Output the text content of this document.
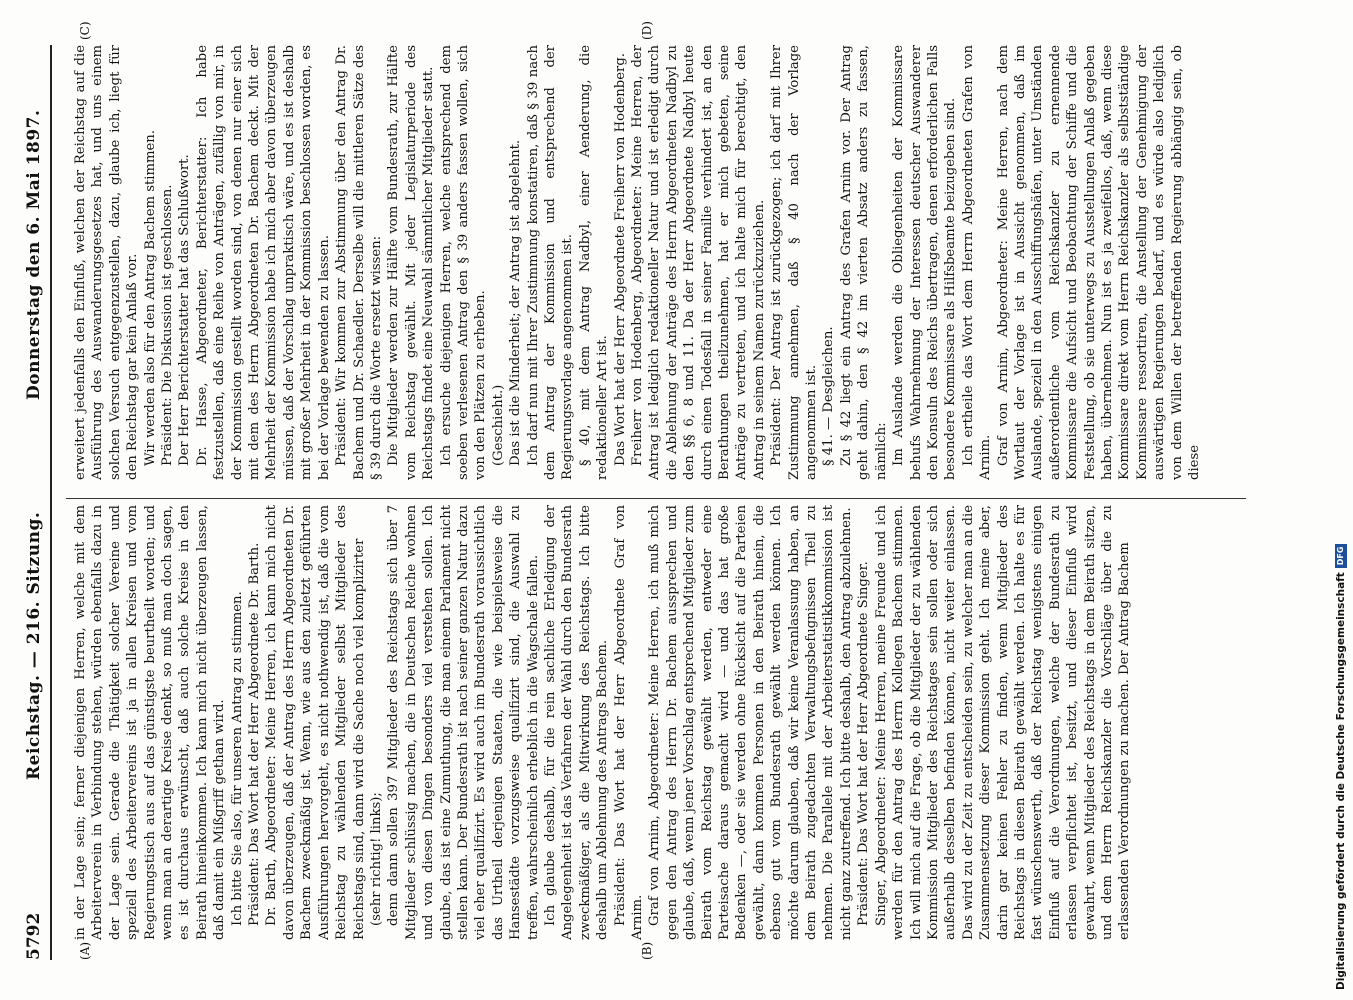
5792
Reichstag. — 216. Sitzung.
Donnerstag den 6. Mai 1897.
(A)	(B)
(C)	(D)

in der Lage sein; ferner diejenigen Herren, welche mit dem Arbeiterverein in Verbindung stehen, würden ebenfalls dazu in der Lage sein. Gerade die Thätigkeit solcher Vereine und speziell des Arbeitervereins ist ja in allen Kreisen und vom Regierungstisch aus auf das günstigste beurtheilt worden; und wenn man an derartige Kreise denkt, so muß man doch sagen, es ist durchaus erwünscht, daß auch solche Kreise in den Beirath hineinkommen. Ich kann mich nicht überzeugen lassen, daß damit ein Mißgriff gethan wird. Ich bitte Sie also, für unseren Antrag zu stimmen. Präsident: Das Wort hat der Herr Abgeordnete Dr. Barth. Dr. Barth, Abgeordneter: Meine Herren, ich kann mich nicht davon überzeugen, daß der Antrag des Herrn Abgeordneten Dr. Bachem zweckmäßig ist. Wenn, wie aus den zuletzt geführten Ausführungen hervorgeht, es nicht nothwendig ist, daß die vom Reichstag zu wählenden Mitglieder selbst Mitglieder des Reichstags sind, dann wird die Sache noch viel komplizirter (sehr richtig! links); denn dann sollen 397 Mitglieder des Reichstags sich über 7 Mitglieder schlüssig machen, die in Deutschen Reiche wohnen und von diesen Dingen besonders viel verstehen sollen. Ich glaube, das ist eine Zumuthung, die man einem Parlament nicht stellen kann. Der Bundesrath ist nach seiner ganzen Natur dazu viel eher qualifizirt. Es wird auch im Bundesrath voraussichtlich das Urtheil derjenigen Staaten, die wie beispielsweise die Hansestädte vorzugsweise qualifizirt sind, die Auswahl zu treffen, wahrscheinlich erheblich in die Wagschale fallen. Ich glaube deshalb, für die rein sachliche Erledigung der Angelegenheit ist das Verfahren der Wahl durch den Bundesrath zweckmäßiger, als die Mitwirkung des Reichstags. Ich bitte deshalb um Ablehnung des Antrags Bachem. Präsident: Das Wort hat der Herr Abgeordnete Graf von Arnim. Graf von Arnim, Abgeordneter: Meine Herren, ich muß mich gegen den Antrag des Herrn Dr. Bachem aussprechen und glaube, daß, wenn jener Vorschlag entsprechend Mitglieder zum Beirath vom Reichstag gewählt werden, entweder eine Parteisache daraus gemacht wird — und das hat große Bedenken —, oder sie werden ohne Rücksicht auf die Parteien gewählt, dann kommen Personen in den Beirath hinein, die ebenso gut vom Bundesrath gewählt werden können. Ich möchte darum glauben, daß wir keine Veranlassung haben, an dem Beirath zugedachten Verwaltungsbefugnissen Theil zu nehmen. Die Parallele mit der Arbeiterstatistikkommission ist nicht ganz zutreffend. Ich bitte deshalb, den Antrag abzulehnen. Präsident: Das Wort hat der Herr Abgeordnete Singer. Singer, Abgeordneter: Meine Herren, meine Freunde und ich werden für den Antrag des Herrn Kollegen Bachem stimmen. Ich will mich auf die Frage, ob die Mitglieder der zu wählenden Kommission Mitglieder des Reichstages sein sollen oder sich außerhalb desselben befinden können, nicht weiter einlassen. Das wird zu der Zeit zu entscheiden sein, zu welcher man an die Zusammensetzung dieser Kommission geht. Ich meine aber, darin gar keinen Fehler zu finden, wenn Mitglieder des Reichstags in diesen Beirath gewählt werden. Ich halte es für fast wünschenswerth, daß der Reichstag wenigstens einigen Einfluß auf die Verordnungen, welche der Bundesrath zu erlassen verpflichtet ist, besitzt, und dieser Einfluß wird gewahrt, wenn Mitglieder des Reichstags in dem Beirath sitzen, und dem Herrn Reichskanzler die Vorschläge über die zu erlassenden Verordnungen zu machen. Der Antrag Bachem

erweitert jedenfalls den Einfluß, welchen der Reichstag auf die Ausführung des Auswanderungsgesetzes hat, und uns einem solchen Versuch entgegenzustellen, dazu, glaube ich, liegt für den Reichstag gar kein Anlaß vor. Wir werden also für den Antrag Bachem stimmen. Präsident: Die Diskussion ist geschlossen. Der Herr Berichterstatter hat das Schlußwort. Dr. Hasse, Abgeordneter, Berichterstatter: Ich habe festzustellen, daß eine Reihe von Anträgen, zufällig von mir, in der Kommission gestellt worden sind, von denen nur einer sich mit dem des Herrn Abgeordneten Dr. Bachem deckt. Mit der Mehrheit der Kommission habe ich mich aber davon überzeugen müssen, daß der Vorschlag unpraktisch wäre, und es ist deshalb mit großer Mehrheit in der Kommission beschlossen worden, es bei der Vorlage bewenden zu lassen. Präsident: Wir kommen zur Abstimmung über den Antrag Dr. Bachem und Dr. Schaedler. Derselbe will die mittleren Sätze des § 39 durch die Worte ersetzt wissen: Die Mitglieder werden zur Hälfte vom Bundesrath, zur Hälfte vom Reichstag gewählt. Mit jeder Legislaturperiode des Reichstags findet eine Neuwahl sämmtlicher Mitglieder statt. Ich ersuche diejenigen Herren, welche entsprechend dem soeben verlesenen Antrag den § 39 anders fassen wollen, sich von den Plätzen zu erheben. (Geschieht.) Das ist die Minderheit; der Antrag ist abgelehnt. Ich darf nun mit Ihrer Zustimmung konstatiren, daß § 39 nach dem Antrag der Kommission und entsprechend der Regierungsvorlage angenommen ist. § 40, mit dem Antrag Nadbyl, einer Aenderung, die redaktioneller Art ist. Das Wort hat der Herr Abgeordnete Freiherr von Hodenberg. Freiherr von Hodenberg, Abgeordneter: Meine Herren, der Antrag ist lediglich redaktioneller Natur und ist erledigt durch die Ablehnung der Anträge des Herrn Abgeordneten Nadbyl zu den §§ 6, 8 und 11. Da der Herr Abgeordnete Nadbyl heute durch einen Todesfall in seiner Familie verhindert ist, an den Berathungen theilzunehmen, hat er mich gebeten, seine Anträge zu vertreten, und ich halte mich für berechtigt, den Antrag in seinem Namen zurückzuziehen. Präsident: Der Antrag ist zurückgezogen; ich darf mit Ihrer Zustimmung annehmen, daß § 40 nach der Vorlage angenommen ist. § 41. — Desgleichen. Zu § 42 liegt ein Antrag des Grafen Arnim vor. Der Antrag geht dahin, den § 42 im vierten Absatz anders zu fassen, nämlich: Im Auslande werden die Obliegenheiten der Kommissare behufs Wahrnehmung der Interessen deutscher Auswanderer den Konsuln des Reichs übertragen, denen erforderlichen Falls besondere Kommissare als Hilfsbeamte beizugeben sind. Ich ertheile das Wort dem Herrn Abgeordneten Grafen von Arnim. Graf von Arnim, Abgeordneter: Meine Herren, nach dem Wortlaut der Vorlage ist in Aussicht genommen, daß im Auslande, speziell in den Ausschiffungshäfen, unter Umständen außerordentliche vom Reichskanzler zu ernennende Kommissare die Aufsicht und Beobachtung der Schiffe und die Feststellung, ob sie unterwegs zu Ausstellungen Anlaß gegeben haben, übernehmen. Nun ist es ja zweifellos, daß, wenn diese Kommissare direkt vom Herrn Reichskanzler als selbstständige Kommissare ressortiren, die Anstellung der Genehmigung der auswärtigen Regierungen bedarf, und es würde also lediglich von dem Willen der betreffenden Regierung abhängig sein, ob diese

Digitalisierung gefördert durch die Deutsche ForschungsgemeinschaftDFG
